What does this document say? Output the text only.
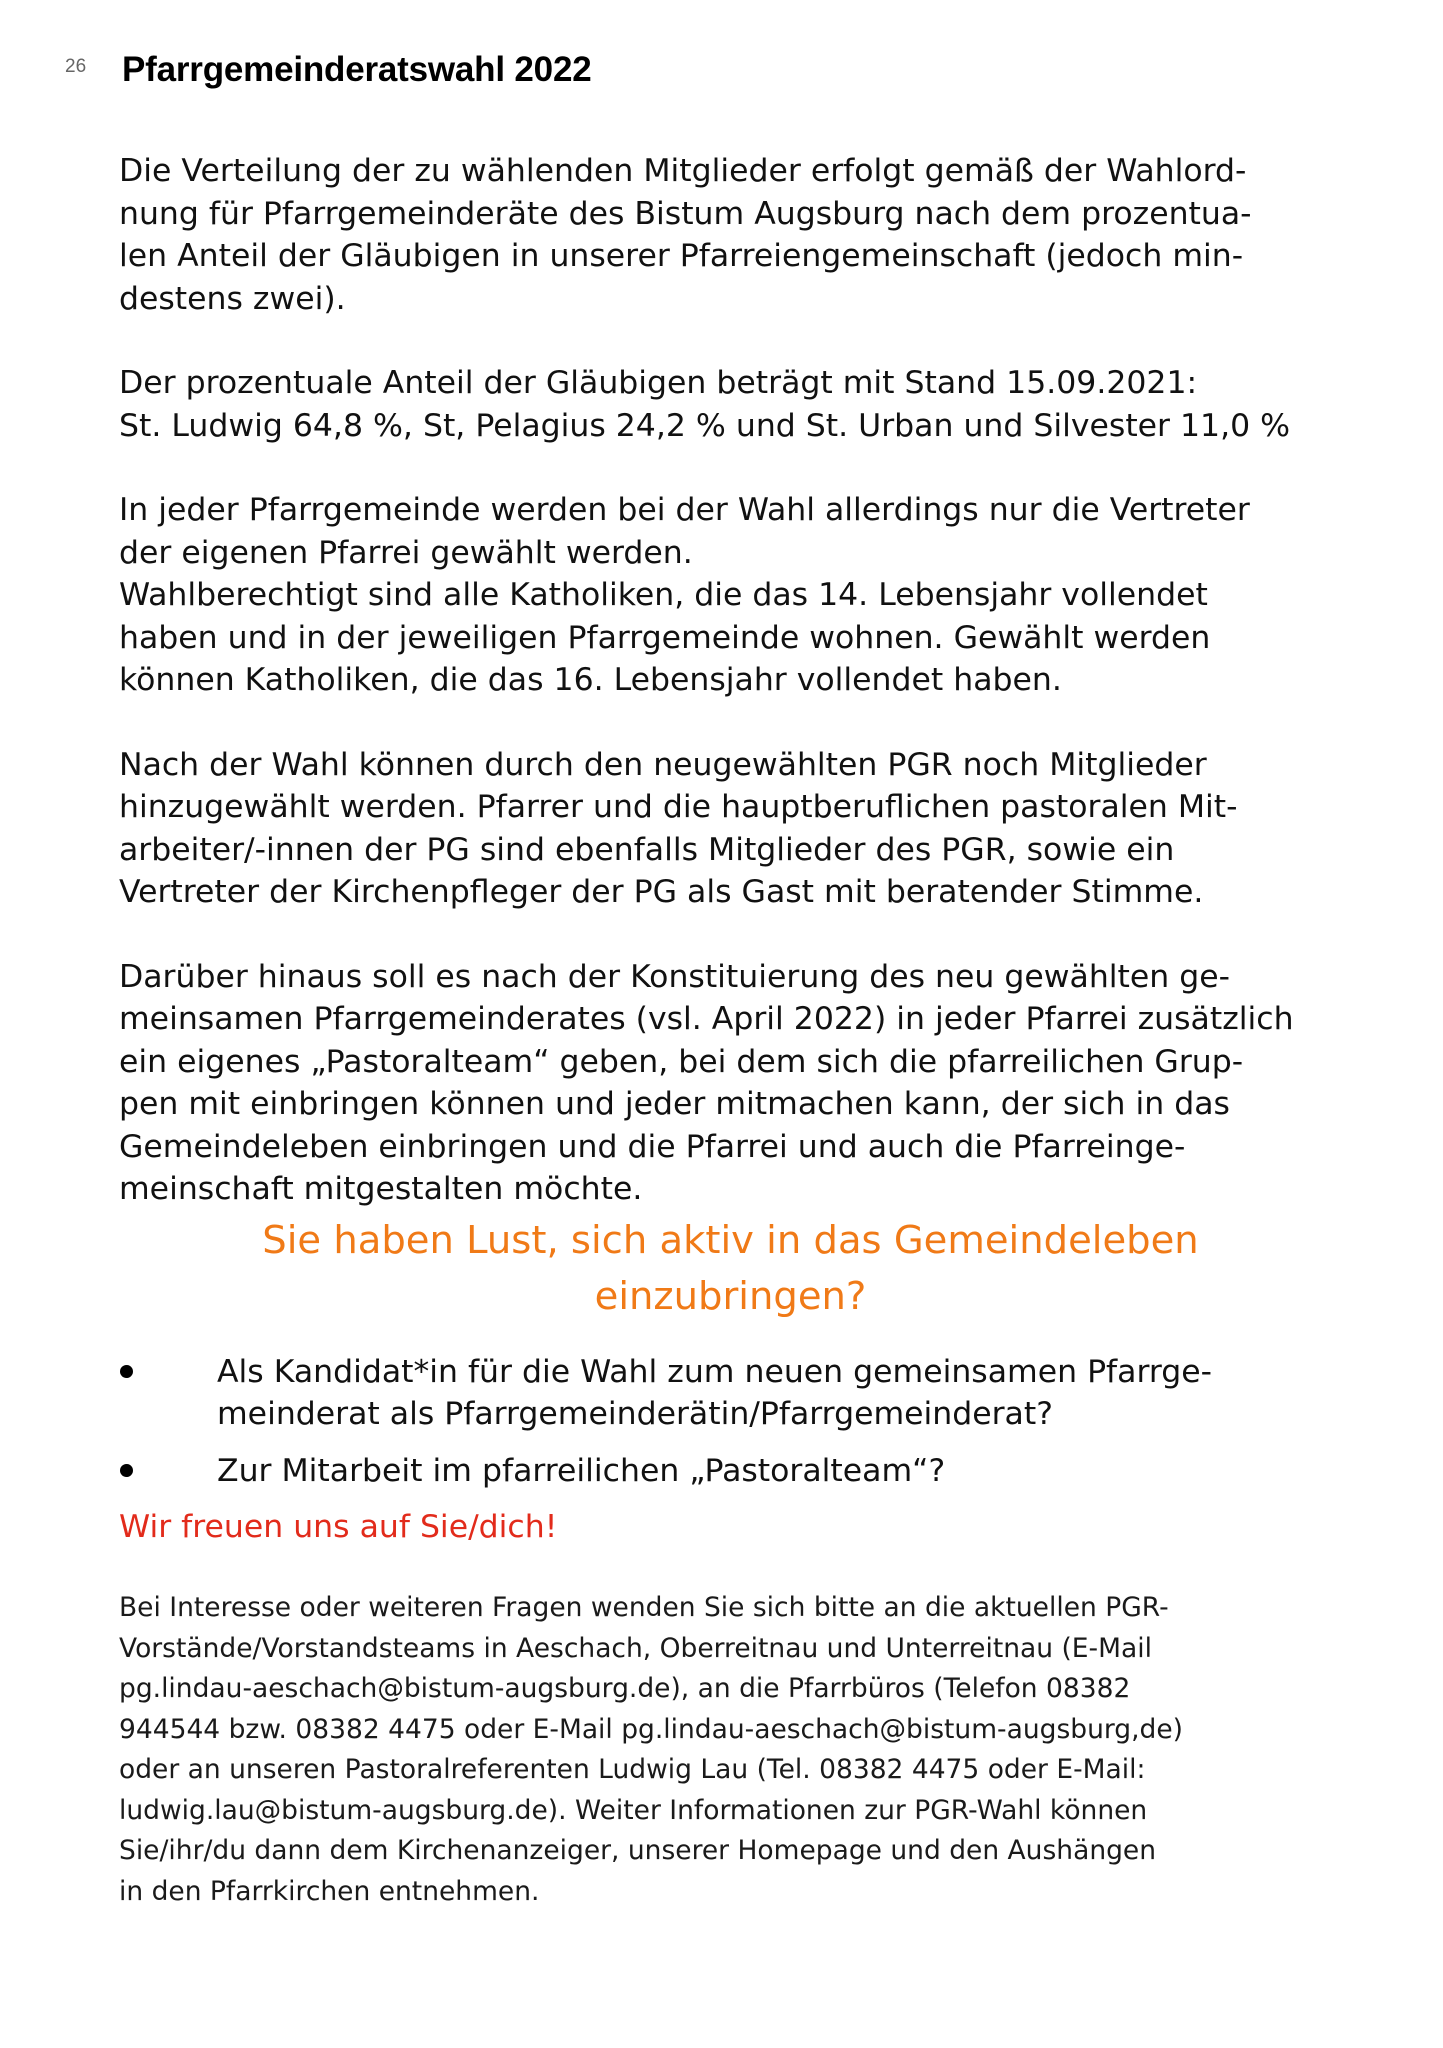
26 Pfarrgemeinderatswahl 2022

Die Verteilung der zu wählenden Mitglieder erfolgt gemäß der Wahlord-
nung für Pfarrgemeinderäte des Bistum Augsburg nach dem prozentua-
len Anteil der Gläubigen in unserer Pfarreiengemeinschaft (jedoch min-
destens zwei).

Der prozentuale Anteil der Gläubigen beträgt mit Stand 15.09.2021:
St. Ludwig 64,8 %, St, Pelagius 24,2 % und St. Urban und Silvester 11,0 %

In jeder Pfarrgemeinde werden bei der Wahl allerdings nur die Vertreter
der eigenen Pfarrei gewählt werden.
Wahlberechtigt sind alle Katholiken, die das 14. Lebensjahr vollendet
haben und in der jeweiligen Pfarrgemeinde wohnen. Gewählt werden
können Katholiken, die das 16. Lebensjahr vollendet haben.

Nach der Wahl können durch den neugewählten PGR noch Mitglieder
hinzugewählt werden. Pfarrer und die hauptberuflichen pastoralen Mit-
arbeiter/-innen der PG sind ebenfalls Mitglieder des PGR, sowie ein
Vertreter der Kirchenpfleger der PG als Gast mit beratender Stimme.

Darüber hinaus soll es nach der Konstituierung des neu gewählten ge-
meinsamen Pfarrgemeinderates (vsl. April 2022) in jeder Pfarrei zusätzlich
ein eigenes „Pastoralteam“ geben, bei dem sich die pfarreilichen Grup-
pen mit einbringen können und jeder mitmachen kann, der sich in das
Gemeindeleben einbringen und die Pfarrei und auch die Pfarreinge-
meinschaft mitgestalten möchte.

Sie haben Lust, sich aktiv in das Gemeindeleben
einzubringen?
Als Kandidat*in für die Wahl zum neuen gemeinsamen Pfarrge-
meinderat als Pfarrgemeinderätin/Pfarrgemeinderat?
Zur Mitarbeit im pfarreilichen „Pastoralteam“?
Wir freuen uns auf Sie/dich!
Bei Interesse oder weiteren Fragen wenden Sie sich bitte an die aktuellen PGR-
Vorstände/Vorstandsteams in Aeschach, Oberreitnau und Unterreitnau (E-Mail
pg.lindau-aeschach@bistum-augsburg.de), an die Pfarrbüros (Telefon 08382
944544 bzw. 08382 4475 oder E-Mail pg.lindau-aeschach@bistum-augsburg,de)
oder an unseren Pastoralreferenten Ludwig Lau (Tel. 08382 4475 oder E-Mail:
ludwig.lau@bistum-augsburg.de). Weiter Informationen zur PGR-Wahl können
Sie/ihr/du dann dem Kirchenanzeiger, unserer Homepage und den Aushängen
in den Pfarrkirchen entnehmen.
